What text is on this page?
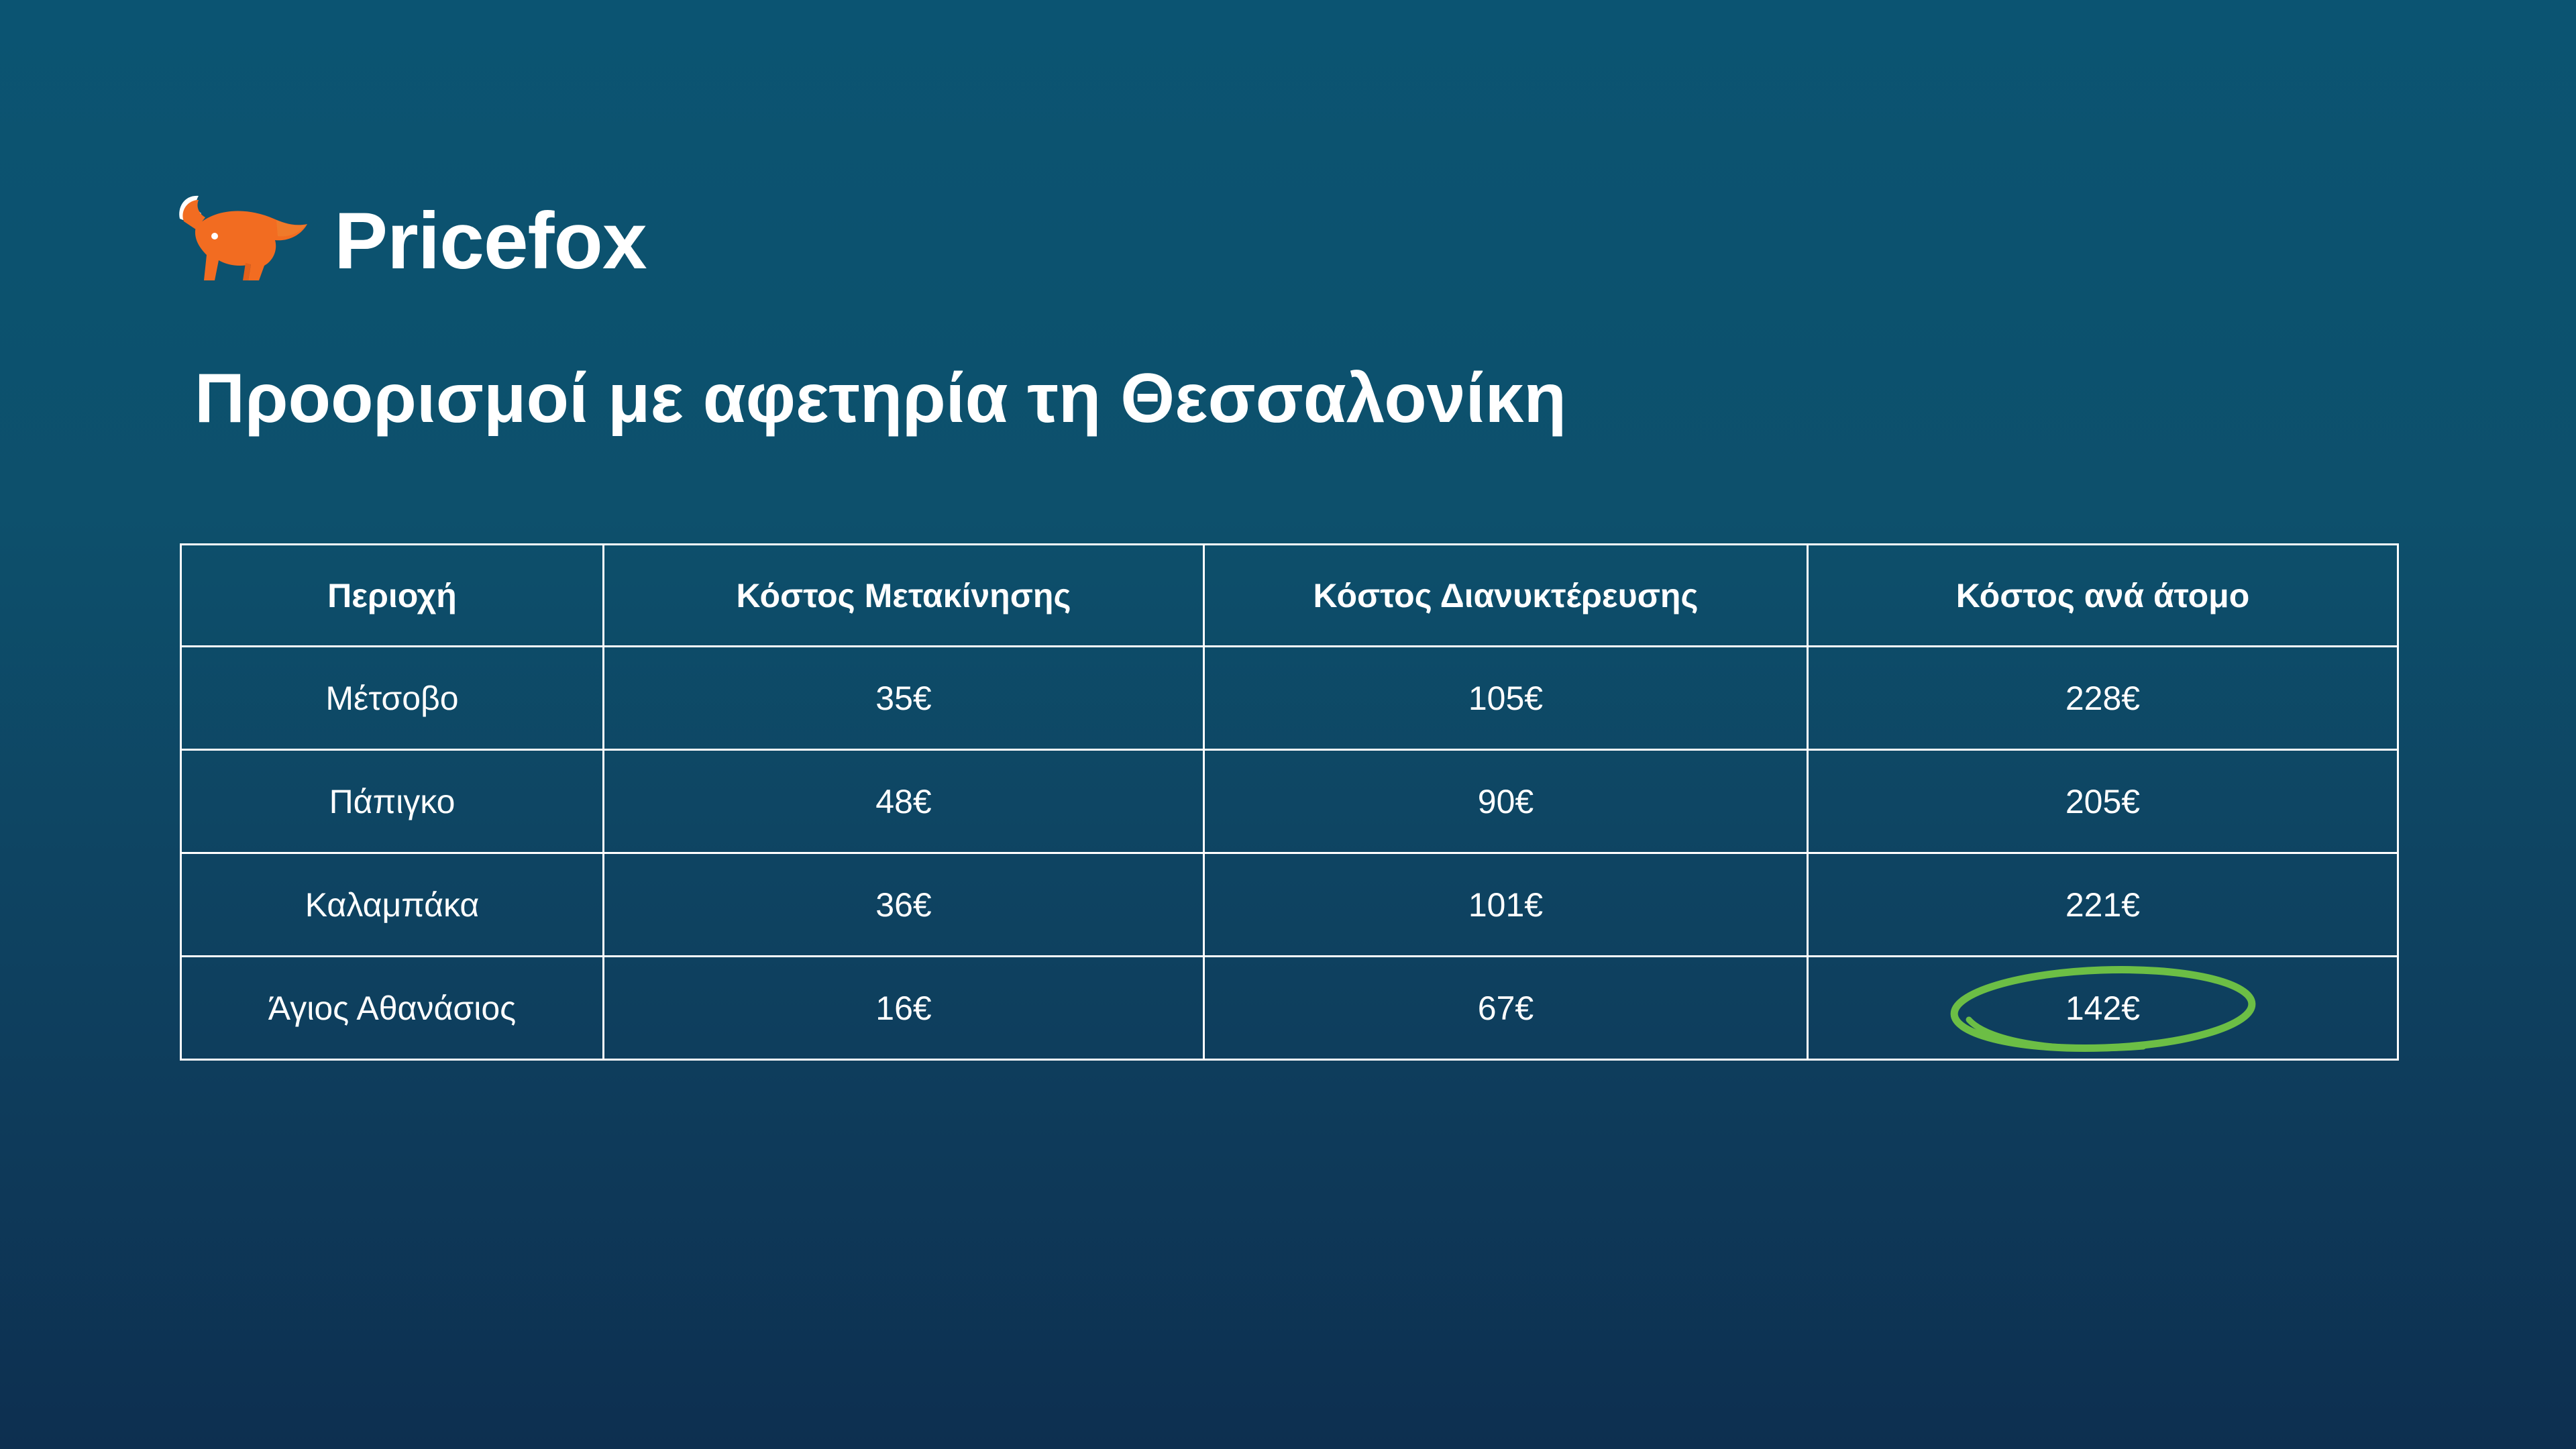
Pricefox
Προορισμοί με αφετηρία τη Θεσσαλονίκη
Περιοχή	Κόστος Μετακίνησης	Κόστος Διανυκτέρευσης	Κόστος ανά άτομο
Μέτσοβο	35€	105€	228€
Πάπιγκο	48€	90€	205€
Καλαμπάκα	36€	101€	221€
Άγιος Αθανάσιος	16€	67€	142€
